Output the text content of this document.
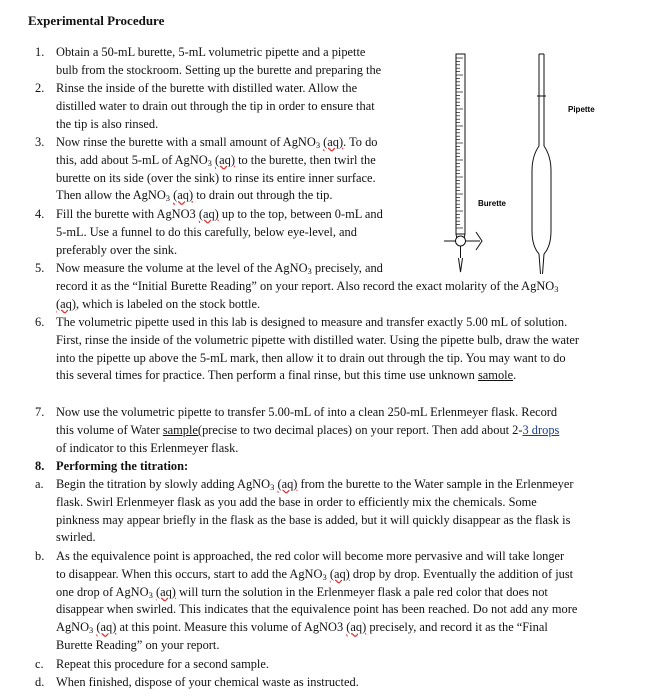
Experimental Procedure
1. Obtain a 50-mL burette, 5-mL volumetric pipette and a pipette
bulb from the stockroom. Setting up the burette and preparing the
2. Rinse the inside of the burette with distilled water. Allow the
distilled water to drain out through the tip in order to ensure that
the tip is also rinsed.
3. Now rinse the burette with a small amount of AgNO$_3$ (aq). To do
this, add about 5-mL of AgNO$_3$ (aq) to the burette, then twirl the
burette on its side (over the sink) to rinse its entire inner surface.
Then allow the AgNO$_3$ (aq) to drain out through the tip.
4. Fill the burette with AgNO3 (aq) up to the top, between 0-mL and
5-mL. Use a funnel to do this carefully, below eye-level, and
preferably over the sink.
5. Now measure the volume at the level of the AgNO$_3$ precisely, and
record it as the “Initial Burette Reading” on your report. Also record the exact molarity of the AgNO$_3$
(aq), which is labeled on the stock bottle.
6. The volumetric pipette used in this lab is designed to measure and transfer exactly 5.00 mL of solution.
First, rinse the inside of the volumetric pipette with distilled water. Using the pipette bulb, draw the water
into the pipette up above the 5-mL mark, then allow it to drain out through the tip. You may want to do
this several times for practice. Then perform a final rinse, but this time use unknown samole.
7. Now use the volumetric pipette to transfer 5.00-mL of into a clean 250-mL Erlenmeyer flask. Record
this volume of Water sample(precise to two decimal places) on your report. Then add about 2-3 drops
of indicator to this Erlenmeyer flask.
8. Performing the titration:
a. Begin the titration by slowly adding AgNO$_3$ (aq) from the burette to the Water sample in the Erlenmeyer
flask. Swirl Erlenmeyer flask as you add the base in order to efficiently mix the chemicals. Some
pinkness may appear briefly in the flask as the base is added, but it will quickly disappear as the flask is
swirled.
b. As the equivalence point is approached, the red color will become more pervasive and will take longer
to disappear. When this occurs, start to add the AgNO$_3$ (aq) drop by drop. Eventually the addition of just
one drop of AgNO$_3$ (aq) will turn the solution in the Erlenmeyer flask a pale red color that does not
disappear when swirled. This indicates that the equivalence point has been reached. Do not add any more
AgNO$_3$ (aq) at this point. Measure this volume of AgNO3 (aq) precisely, and record it as the “Final
Burette Reading” on your report.
c. Repeat this procedure for a second sample.
d. When finished, dispose of your chemical waste as instructed.
Pipette
Burette
